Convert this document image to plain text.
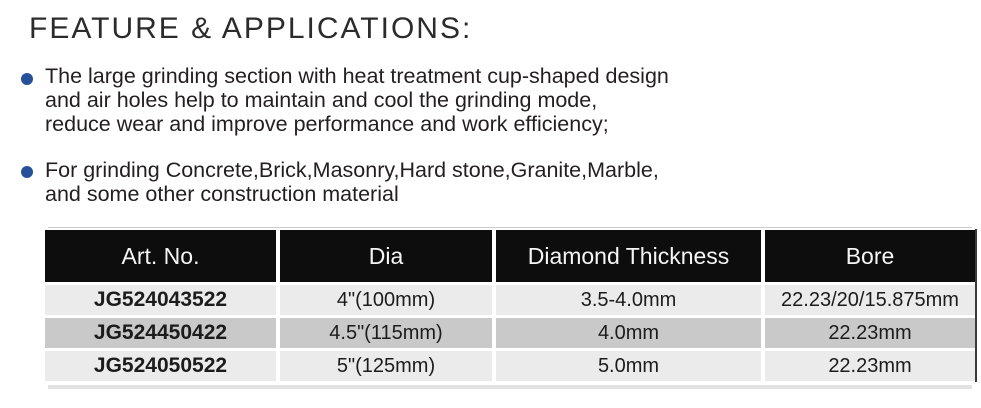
FEATURE & APPLICATIONS:
The large grinding section with heat treatment cup-shaped design
and air holes help to maintain and cool the grinding mode,
reduce wear and improve performance and work efficiency;
For grinding Concrete,Brick,Masonry,Hard stone,Granite,Marble,
and some other construction material
Art. No.	Dia	Diamond Thickness	Bore
JG524043522	4"(100mm)	3.5-4.0mm	22.23/20/15.875mm
JG524450422	4.5"(115mm)	4.0mm	22.23mm
JG524050522	5"(125mm)	5.0mm	22.23mm
